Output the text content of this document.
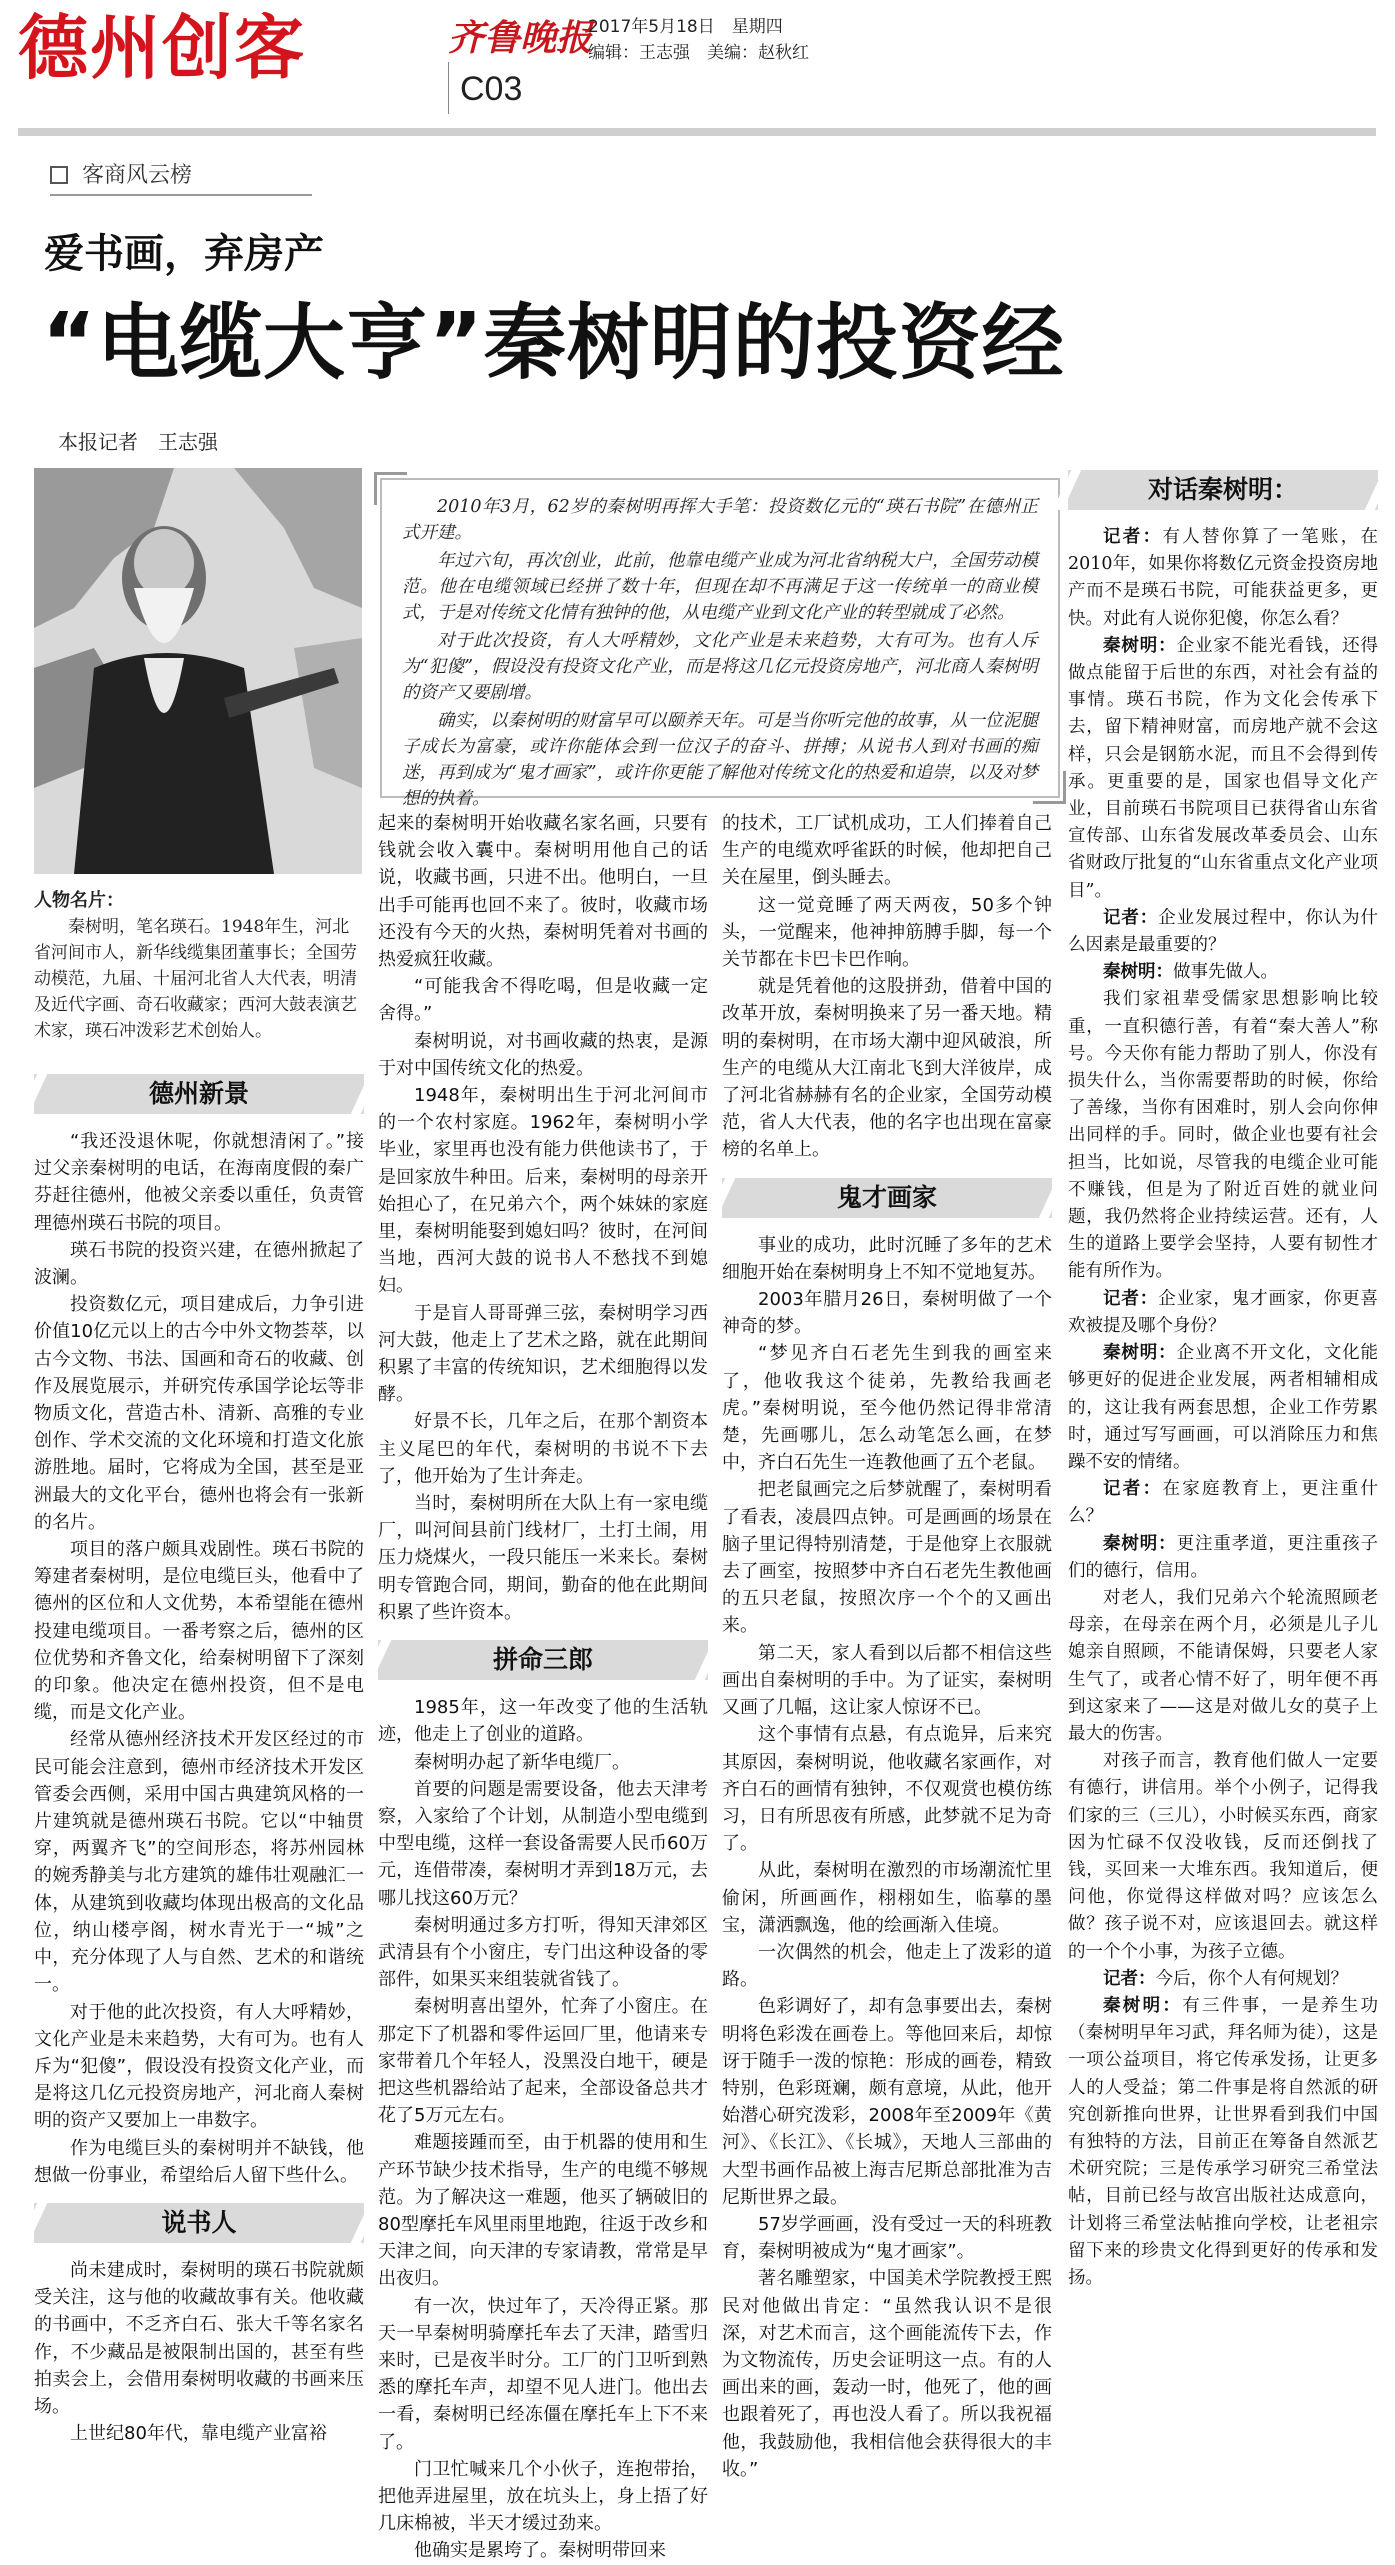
德州创客	齐鲁晚报
C03
2017年5月18日　星期四
编辑：王志强　美编：赵秋红
客商风云榜
爱书画，弃房产
“电缆大亨”秦树明的投资经
本报记者　王志强
人物名片：

秦树明，笔名瑛石。1948年生，河北省河间市人，新华线缆集团董事长；全国劳动模范，九届、十届河北省人大代表，明清及近代字画、奇石收藏家；西河大鼓表演艺术家，瑛石冲泼彩艺术创始人。

2010年3月，62岁的秦树明再挥大手笔：投资数亿元的“瑛石书院”在德州正式开建。

年过六旬，再次创业，此前，他靠电缆产业成为河北省纳税大户，全国劳动模范。他在电缆领域已经拼了数十年，但现在却不再满足于这一传统单一的商业模式，于是对传统文化情有独钟的他，从电缆产业到文化产业的转型就成了必然。

对于此次投资，有人大呼精妙，文化产业是未来趋势，大有可为。也有人斥为“犯傻”，假设没有投资文化产业，而是将这几亿元投资房地产，河北商人秦树明的资产又要剧增。

确实，以秦树明的财富早可以颐养天年。可是当你听完他的故事，从一位泥腿子成长为富豪，或许你能体会到一位汉子的奋斗、拼搏；从说书人到对书画的痴迷，再到成为“鬼才画家”，或许你更能了解他对传统文化的热爱和追崇，以及对梦想的执着。

德州新景

“我还没退休呢，你就想清闲了。”接过父亲秦树明的电话，在海南度假的秦广芬赶往德州，他被父亲委以重任，负责管理德州瑛石书院的项目。

瑛石书院的投资兴建，在德州掀起了波澜。

投资数亿元，项目建成后，力争引进价值10亿元以上的古今中外文物荟萃，以古今文物、书法、国画和奇石的收藏、创作及展览展示，并研究传承国学论坛等非物质文化，营造古朴、清新、高雅的专业创作、学术交流的文化环境和打造文化旅游胜地。届时，它将成为全国，甚至是亚洲最大的文化平台，德州也将会有一张新的名片。

项目的落户颇具戏剧性。瑛石书院的筹建者秦树明，是位电缆巨头，他看中了德州的区位和人文优势，本希望能在德州投建电缆项目。一番考察之后，德州的区位优势和齐鲁文化，给秦树明留下了深刻的印象。他决定在德州投资，但不是电缆，而是文化产业。

经常从德州经济技术开发区经过的市民可能会注意到，德州市经济技术开发区管委会西侧，采用中国古典建筑风格的一片建筑就是德州瑛石书院。它以“中轴贯穿，两翼齐飞”的空间形态，将苏州园林的婉秀静美与北方建筑的雄伟壮观融汇一体，从建筑到收藏均体现出极高的文化品位，纳山楼亭阁，树水青光于一“城”之中，充分体现了人与自然、艺术的和谐统一。

对于他的此次投资，有人大呼精妙，文化产业是未来趋势，大有可为。也有人斥为“犯傻”，假设没有投资文化产业，而是将这几亿元投资房地产，河北商人秦树明的资产又要加上一串数字。

作为电缆巨头的秦树明并不缺钱，他想做一份事业，希望给后人留下些什么。

说书人

尚未建成时，秦树明的瑛石书院就颇受关注，这与他的收藏故事有关。他收藏的书画中，不乏齐白石、张大千等名家名作，不少藏品是被限制出国的，甚至有些拍卖会上，会借用秦树明收藏的书画来压场。

上世纪80年代，靠电缆产业富裕

起来的秦树明开始收藏名家名画，只要有钱就会收入囊中。秦树明用他自己的话说，收藏书画，只进不出。他明白，一旦出手可能再也回不来了。彼时，收藏市场还没有今天的火热，秦树明凭着对书画的热爱疯狂收藏。

“可能我舍不得吃喝，但是收藏一定舍得。”

秦树明说，对书画收藏的热衷，是源于对中国传统文化的热爱。

1948年，秦树明出生于河北河间市的一个农村家庭。1962年，秦树明小学毕业，家里再也没有能力供他读书了，于是回家放牛种田。后来，秦树明的母亲开始担心了，在兄弟六个，两个妹妹的家庭里，秦树明能娶到媳妇吗？彼时，在河间当地，西河大鼓的说书人不愁找不到媳妇。

于是盲人哥哥弹三弦，秦树明学习西河大鼓，他走上了艺术之路，就在此期间积累了丰富的传统知识，艺术细胞得以发酵。

好景不长，几年之后，在那个割资本主义尾巴的年代，秦树明的书说不下去了，他开始为了生计奔走。

当时，秦树明所在大队上有一家电缆厂，叫河间县前门线材厂，土打土闹，用压力烧煤火，一段只能压一米来长。秦树明专管跑合同，期间，勤奋的他在此期间积累了些许资本。

拼命三郎

1985年，这一年改变了他的生活轨迹，他走上了创业的道路。

秦树明办起了新华电缆厂。

首要的问题是需要设备，他去天津考察，入家给了个计划，从制造小型电缆到中型电缆，这样一套设备需要人民币60万元，连借带凑，秦树明才弄到18万元，去哪儿找这60万元？

秦树明通过多方打听，得知天津郊区武清县有个小窗庄，专门出这种设备的零部件，如果买来组装就省钱了。

秦树明喜出望外，忙奔了小窗庄。在那定下了机器和零件运回厂里，他请来专家带着几个年轻人，没黑没白地干，硬是把这些机器给站了起来，全部设备总共才花了5万元左右。

难题接踵而至，由于机器的使用和生产环节缺少技术指导，生产的电缆不够规范。为了解决这一难题，他买了辆破旧的80型摩托车风里雨里地跑，往返于改乡和天津之间，向天津的专家请教，常常是早出夜归。

有一次，快过年了，天冷得正紧。那天一早秦树明骑摩托车去了天津，踏雪归来时，已是夜半时分。工厂的门卫听到熟悉的摩托车声，却望不见人进门。他出去一看，秦树明已经冻僵在摩托车上下不来了。

门卫忙喊来几个小伙子，连抱带抬，把他弄进屋里，放在坑头上，身上捂了好几床棉被，半天才缓过劲来。

他确实是累垮了。秦树明带回来

的技术，工厂试机成功，工人们捧着自己生产的电缆欢呼雀跃的时候，他却把自己关在屋里，倒头睡去。

这一觉竟睡了两天两夜，50多个钟头，一觉醒来，他神抻筋膊手脚，每一个关节都在卡巴卡巴作响。

就是凭着他的这股拼劲，借着中国的改革开放，秦树明换来了另一番天地。精明的秦树明，在市场大潮中迎风破浪，所生产的电缆从大江南北飞到大洋彼岸，成了河北省赫赫有名的企业家，全国劳动模范，省人大代表，他的名字也出现在富豪榜的名单上。

鬼才画家

事业的成功，此时沉睡了多年的艺术细胞开始在秦树明身上不知不觉地复苏。

2003年腊月26日，秦树明做了一个神奇的梦。

“梦见齐白石老先生到我的画室来了，他收我这个徒弟，先教给我画老虎。”秦树明说，至今他仍然记得非常清楚，先画哪儿，怎么动笔怎么画，在梦中，齐白石先生一连教他画了五个老鼠。

把老鼠画完之后梦就醒了，秦树明看了看表，凌晨四点钟。可是画画的场景在脑子里记得特别清楚，于是他穿上衣服就去了画室，按照梦中齐白石老先生教他画的五只老鼠，按照次序一个个的又画出来。

第二天，家人看到以后都不相信这些画出自秦树明的手中。为了证实，秦树明又画了几幅，这让家人惊讶不已。

这个事情有点悬，有点诡异，后来究其原因，秦树明说，他收藏名家画作，对齐白石的画情有独钟，不仅观赏也模仿练习，日有所思夜有所感，此梦就不足为奇了。

从此，秦树明在激烈的市场潮流忙里偷闲，所画画作，栩栩如生，临摹的墨宝，潇洒飘逸，他的绘画渐入佳境。

一次偶然的机会，他走上了泼彩的道路。

色彩调好了，却有急事要出去，秦树明将色彩泼在画卷上。等他回来后，却惊讶于随手一泼的惊艳：形成的画卷，精致特别，色彩斑斓，颇有意境，从此，他开始潜心研究泼彩，2008年至2009年《黄河》、《长江》、《长城》，天地人三部曲的大型书画作品被上海吉尼斯总部批准为吉尼斯世界之最。

57岁学画画，没有受过一天的科班教育，秦树明被成为“鬼才画家”。

著名雕塑家，中国美术学院教授王熙民对他做出肯定：“虽然我认识不是很深，对艺术而言，这个画能流传下去，作为文物流传，历史会证明这一点。有的人画出来的画，轰动一时，他死了，他的画也跟着死了，再也没人看了。所以我祝福他，我鼓励他，我相信他会获得很大的丰收。”

对话秦树明：

记者：有人替你算了一笔账，在2010年，如果你将数亿元资金投资房地产而不是瑛石书院，可能获益更多，更快。对此有人说你犯傻，你怎么看？

秦树明：企业家不能光看钱，还得做点能留于后世的东西，对社会有益的事情。瑛石书院，作为文化会传承下去，留下精神财富，而房地产就不会这样，只会是钢筋水泥，而且不会得到传承。更重要的是，国家也倡导文化产业，目前瑛石书院项目已获得省山东省宣传部、山东省发展改革委员会、山东省财政厅批复的“山东省重点文化产业项目”。

记者：企业发展过程中，你认为什么因素是最重要的？

秦树明：做事先做人。

我们家祖辈受儒家思想影响比较重，一直积德行善，有着“秦大善人”称号。今天你有能力帮助了别人，你没有损失什么，当你需要帮助的时候，你给了善缘，当你有困难时，别人会向你伸出同样的手。同时，做企业也要有社会担当，比如说，尽管我的电缆企业可能不赚钱，但是为了附近百姓的就业问题，我仍然将企业持续运营。还有，人生的道路上要学会坚持，人要有韧性才能有所作为。

记者：企业家，鬼才画家，你更喜欢被提及哪个身份？

秦树明：企业离不开文化，文化能够更好的促进企业发展，两者相辅相成的，这让我有两套思想，企业工作劳累时，通过写写画画，可以消除压力和焦躁不安的情绪。

记者：在家庭教育上，更注重什么？

秦树明：更注重孝道，更注重孩子们的德行，信用。

对老人，我们兄弟六个轮流照顾老母亲，在母亲在两个月，必须是儿子儿媳亲自照顾，不能请保姆，只要老人家生气了，或者心情不好了，明年便不再到这家来了——这是对做儿女的莫子上最大的伤害。

对孩子而言，教育他们做人一定要有德行，讲信用。举个小例子，记得我们家的三（三儿），小时候买东西，商家因为忙碌不仅没收钱，反而还倒找了钱，买回来一大堆东西。我知道后，便问他，你觉得这样做对吗？应该怎么做？孩子说不对，应该退回去。就这样的一个个小事，为孩子立德。

记者：今后，你个人有何规划？

秦树明：有三件事，一是养生功（秦树明早年习武，拜名师为徒），这是一项公益项目，将它传承发扬，让更多人的人受益；第二件事是将自然派的研究创新推向世界，让世界看到我们中国有独特的方法，目前正在筹备自然派艺术研究院；三是传承学习研究三希堂法帖，目前已经与故宫出版社达成意向，计划将三希堂法帖推向学校，让老祖宗留下来的珍贵文化得到更好的传承和发扬。
